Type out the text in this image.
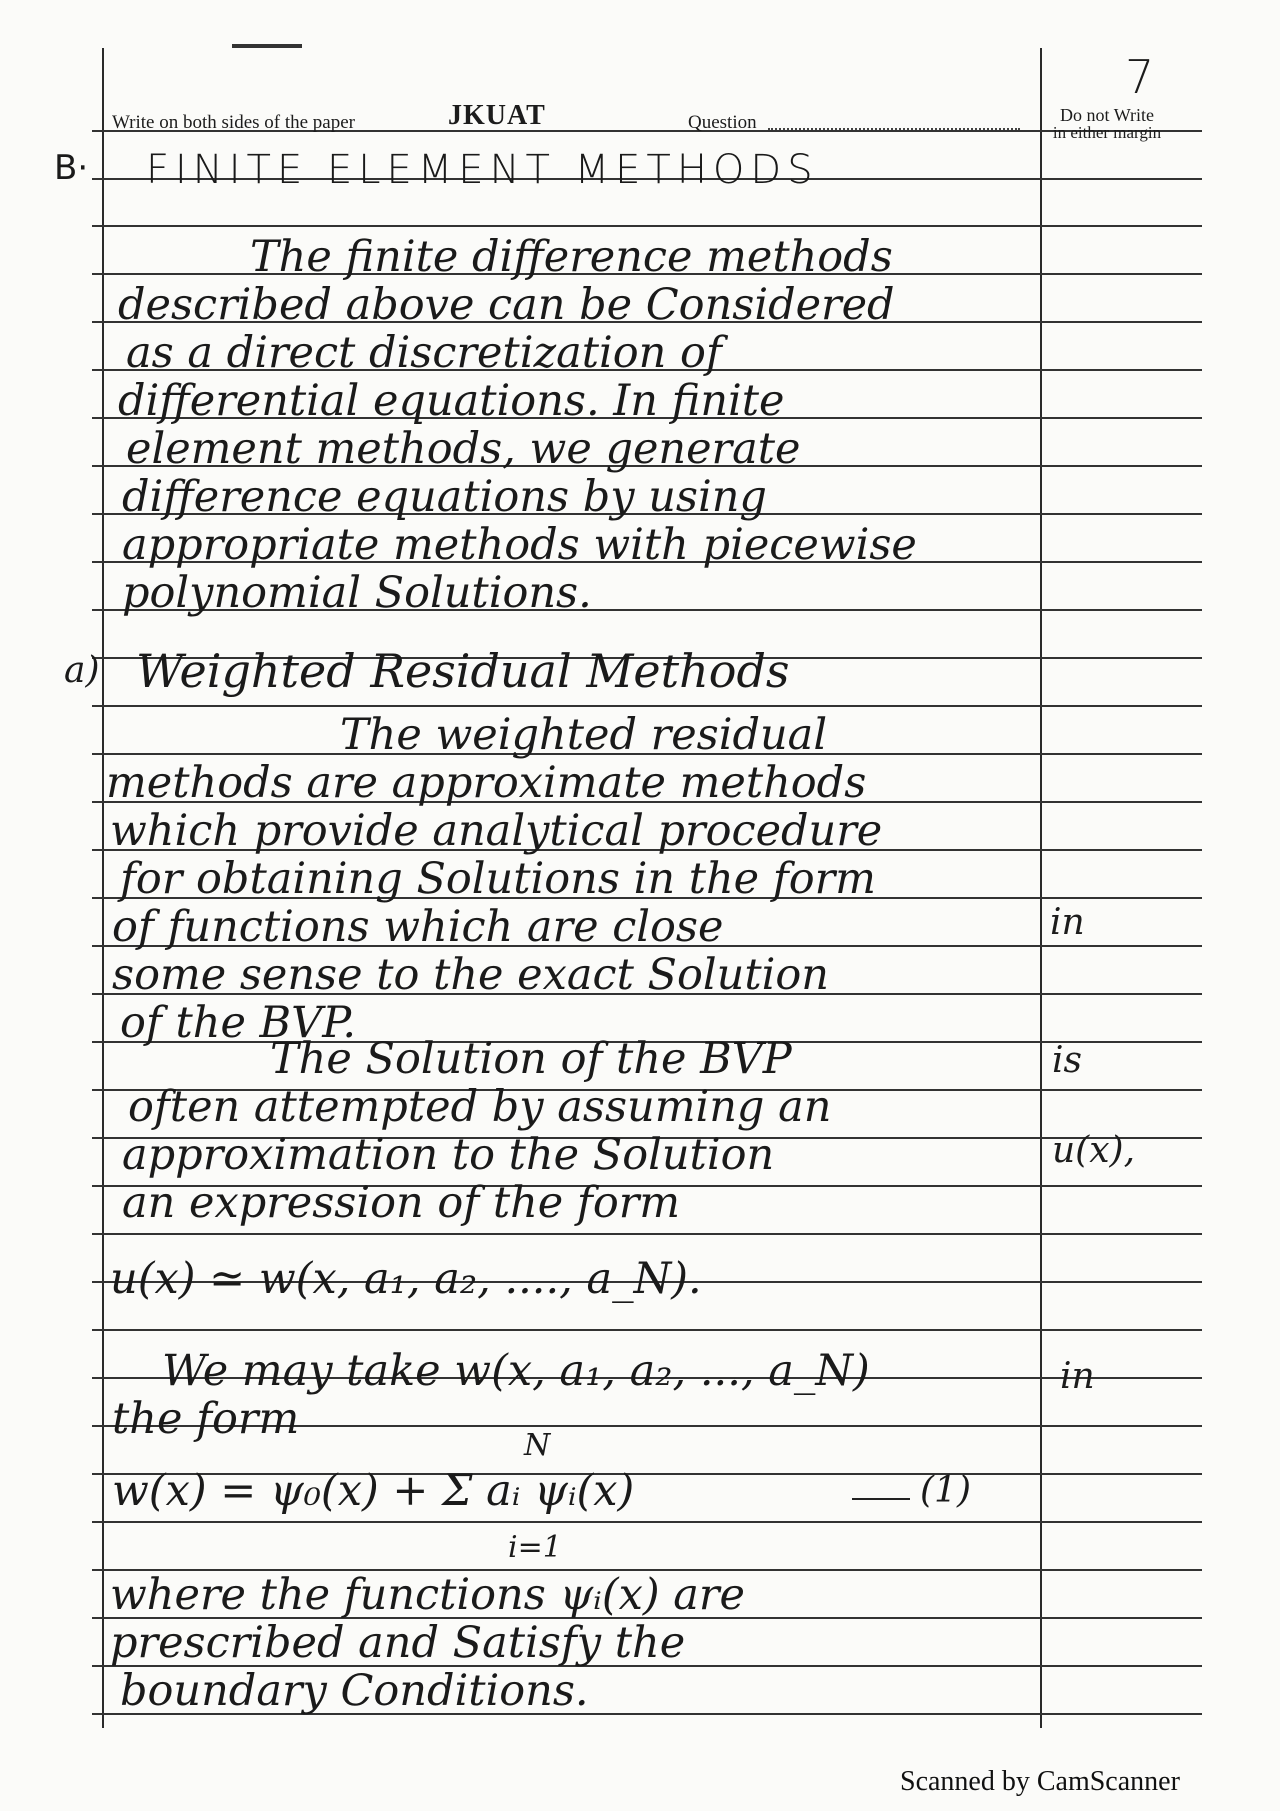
7
Write on both sides of the paper	JKUAT	Question	Do not Write
in either margin
B· FINITE ELEMENT METHODS
The finite difference methods
described above can be Considered
as a direct discretization of
differential equations. In finite
element methods, we generate
difference equations by using
appropriate methods with piecewise
polynomial Solutions.
a) Weighted Residual Methods
The weighted residual
methods are approximate methods
which provide analytical procedure
for obtaining Solutions in the form
of functions which are close	in
some sense to the exact Solution
of the BVP.
The Solution of the BVP	is
often attempted by assuming an
approximation to the Solution	u(x),
an expression of the form
u(x) ≃ w(x, a₁, a₂, ...., a_N).
We may take w(x, a₁, a₂, ..., a_N)	in
the form
N
w(x) = ψ₀(x) + Σ aᵢ ψᵢ(x)	(1)
i=1
where the functions ψᵢ(x) are
prescribed and Satisfy the
boundary Conditions.
Scanned by CamScanner
